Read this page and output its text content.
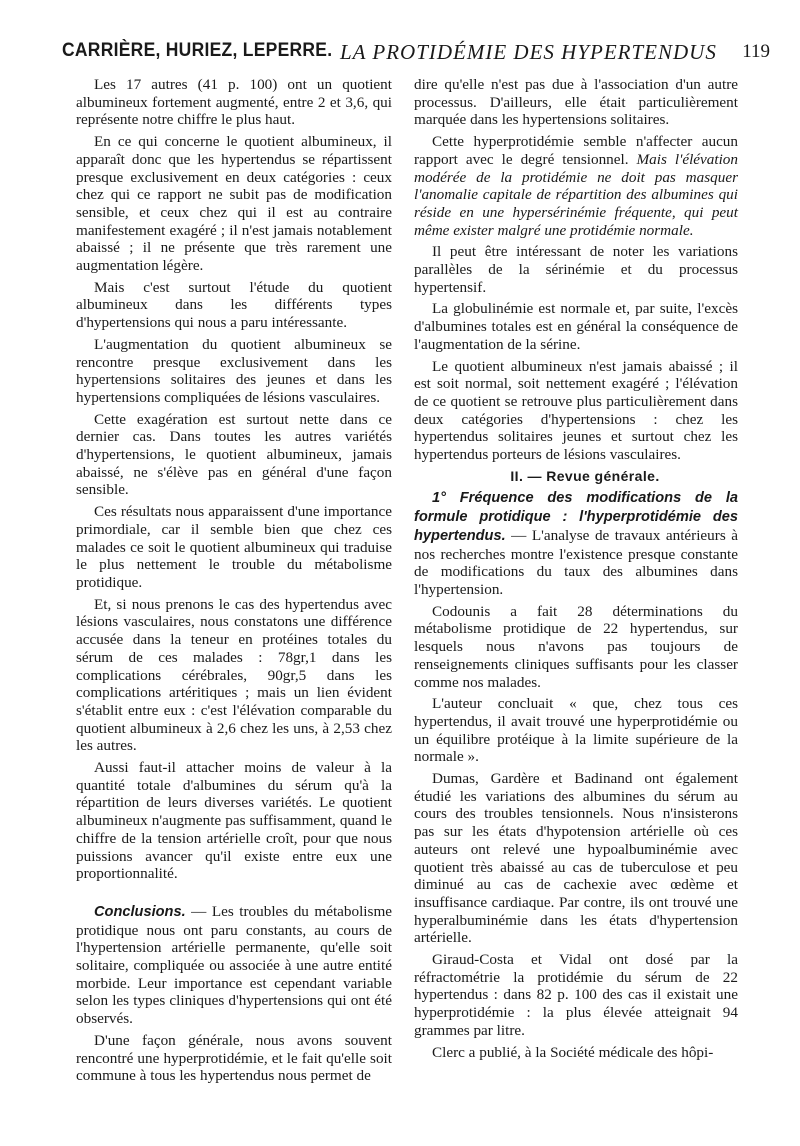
CARRIÈRE, HURIEZ, LEPERRE. LA PROTIDÉMIE DES HYPERTENDUS 119

Les 17 autres (41 p. 100) ont un quotient albumineux fortement augmenté, entre 2 et 3,6, qui représente notre chiffre le plus haut.

En ce qui concerne le quotient albumineux, il apparaît donc que les hypertendus se répartissent presque exclusivement en deux catégories : ceux chez qui ce rapport ne subit pas de modification sensible, et ceux chez qui il est au contraire manifestement exagéré ; il n'est jamais notablement abaissé ; il ne présente que très rarement une augmentation légère.

Mais c'est surtout l'étude du quotient albumineux dans les différents types d'hypertensions qui nous a paru intéressante.

L'augmentation du quotient albumineux se rencontre presque exclusivement dans les hypertensions solitaires des jeunes et dans les hypertensions compliquées de lésions vasculaires.

Cette exagération est surtout nette dans ce dernier cas. Dans toutes les autres variétés d'hypertensions, le quotient albumineux, jamais abaissé, ne s'élève pas en général d'une façon sensible.

Ces résultats nous apparaissent d'une importance primordiale, car il semble bien que chez ces malades ce soit le quotient albumineux qui traduise le plus nettement le trouble du métabolisme protidique.

Et, si nous prenons le cas des hypertendus avec lésions vasculaires, nous constatons une différence accusée dans la teneur en protéines totales du sérum de ces malades : 78gr,1 dans les complications cérébrales, 90gr,5 dans les complications artéritiques ; mais un lien évident s'établit entre eux : c'est l'élévation comparable du quotient albumineux à 2,6 chez les uns, à 2,53 chez les autres.

Aussi faut-il attacher moins de valeur à la quantité totale d'albumines du sérum qu'à la répartition de leurs diverses variétés. Le quotient albumineux n'augmente pas suffisamment, quand le chiffre de la tension artérielle croît, pour que nous puissions avancer qu'il existe entre eux une proportionnalité.

Conclusions. — Les troubles du métabolisme protidique nous ont paru constants, au cours de l'hypertension artérielle permanente, qu'elle soit solitaire, compliquée ou associée à une autre entité morbide. Leur importance est cependant variable selon les types cliniques d'hypertensions qui ont été observés.

D'une façon générale, nous avons souvent rencontré une hyperprotidémie, et le fait qu'elle soit commune à tous les hypertendus nous permet de

dire qu'elle n'est pas due à l'association d'un autre processus. D'ailleurs, elle était particulièrement marquée dans les hypertensions solitaires.

Cette hyperprotidémie semble n'affecter aucun rapport avec le degré tensionnel. Mais l'élévation modérée de la protidémie ne doit pas masquer l'anomalie capitale de répartition des albumines qui réside en une hypersérinémie fréquente, qui peut même exister malgré une protidémie normale.

Il peut être intéressant de noter les variations parallèles de la sérinémie et du processus hypertensif.

La globulinémie est normale et, par suite, l'excès d'albumines totales est en général la conséquence de l'augmentation de la sérine.

Le quotient albumineux n'est jamais abaissé ; il est soit normal, soit nettement exagéré ; l'élévation de ce quotient se retrouve plus particulièrement dans deux catégories d'hypertensions : chez les hypertendus solitaires jeunes et surtout chez les hypertendus porteurs de lésions vasculaires.

II. — Revue générale.

1° Fréquence des modifications de la formule protidique : l'hyperprotidémie des hypertendus. — L'analyse de travaux antérieurs à nos recherches montre l'existence presque constante de modifications du taux des albumines dans l'hypertension.

Codounis a fait 28 déterminations du métabolisme protidique de 22 hypertendus, sur lesquels nous n'avons pas toujours de renseignements cliniques suffisants pour les classer comme nos malades.

L'auteur concluait « que, chez tous ces hypertendus, il avait trouvé une hyperprotidémie ou un équilibre protéique à la limite supérieure de la normale ».

Dumas, Gardère et Badinand ont également étudié les variations des albumines du sérum au cours des troubles tensionnels. Nous n'insisterons pas sur les états d'hypotension artérielle où ces auteurs ont relevé une hypoalbuminémie avec quotient très abaissé au cas de tuberculose et peu diminué au cas de cachexie avec œdème et insuffisance cardiaque. Par contre, ils ont trouvé une hyperalbuminémie dans les états d'hypertension artérielle.

Giraud-Costa et Vidal ont dosé par la réfractométrie la protidémie du sérum de 22 hypertendus : dans 82 p. 100 des cas il existait une hyperprotidémie : la plus élevée atteignait 94 grammes par litre.

Clerc a publié, à la Société médicale des hôpi-
